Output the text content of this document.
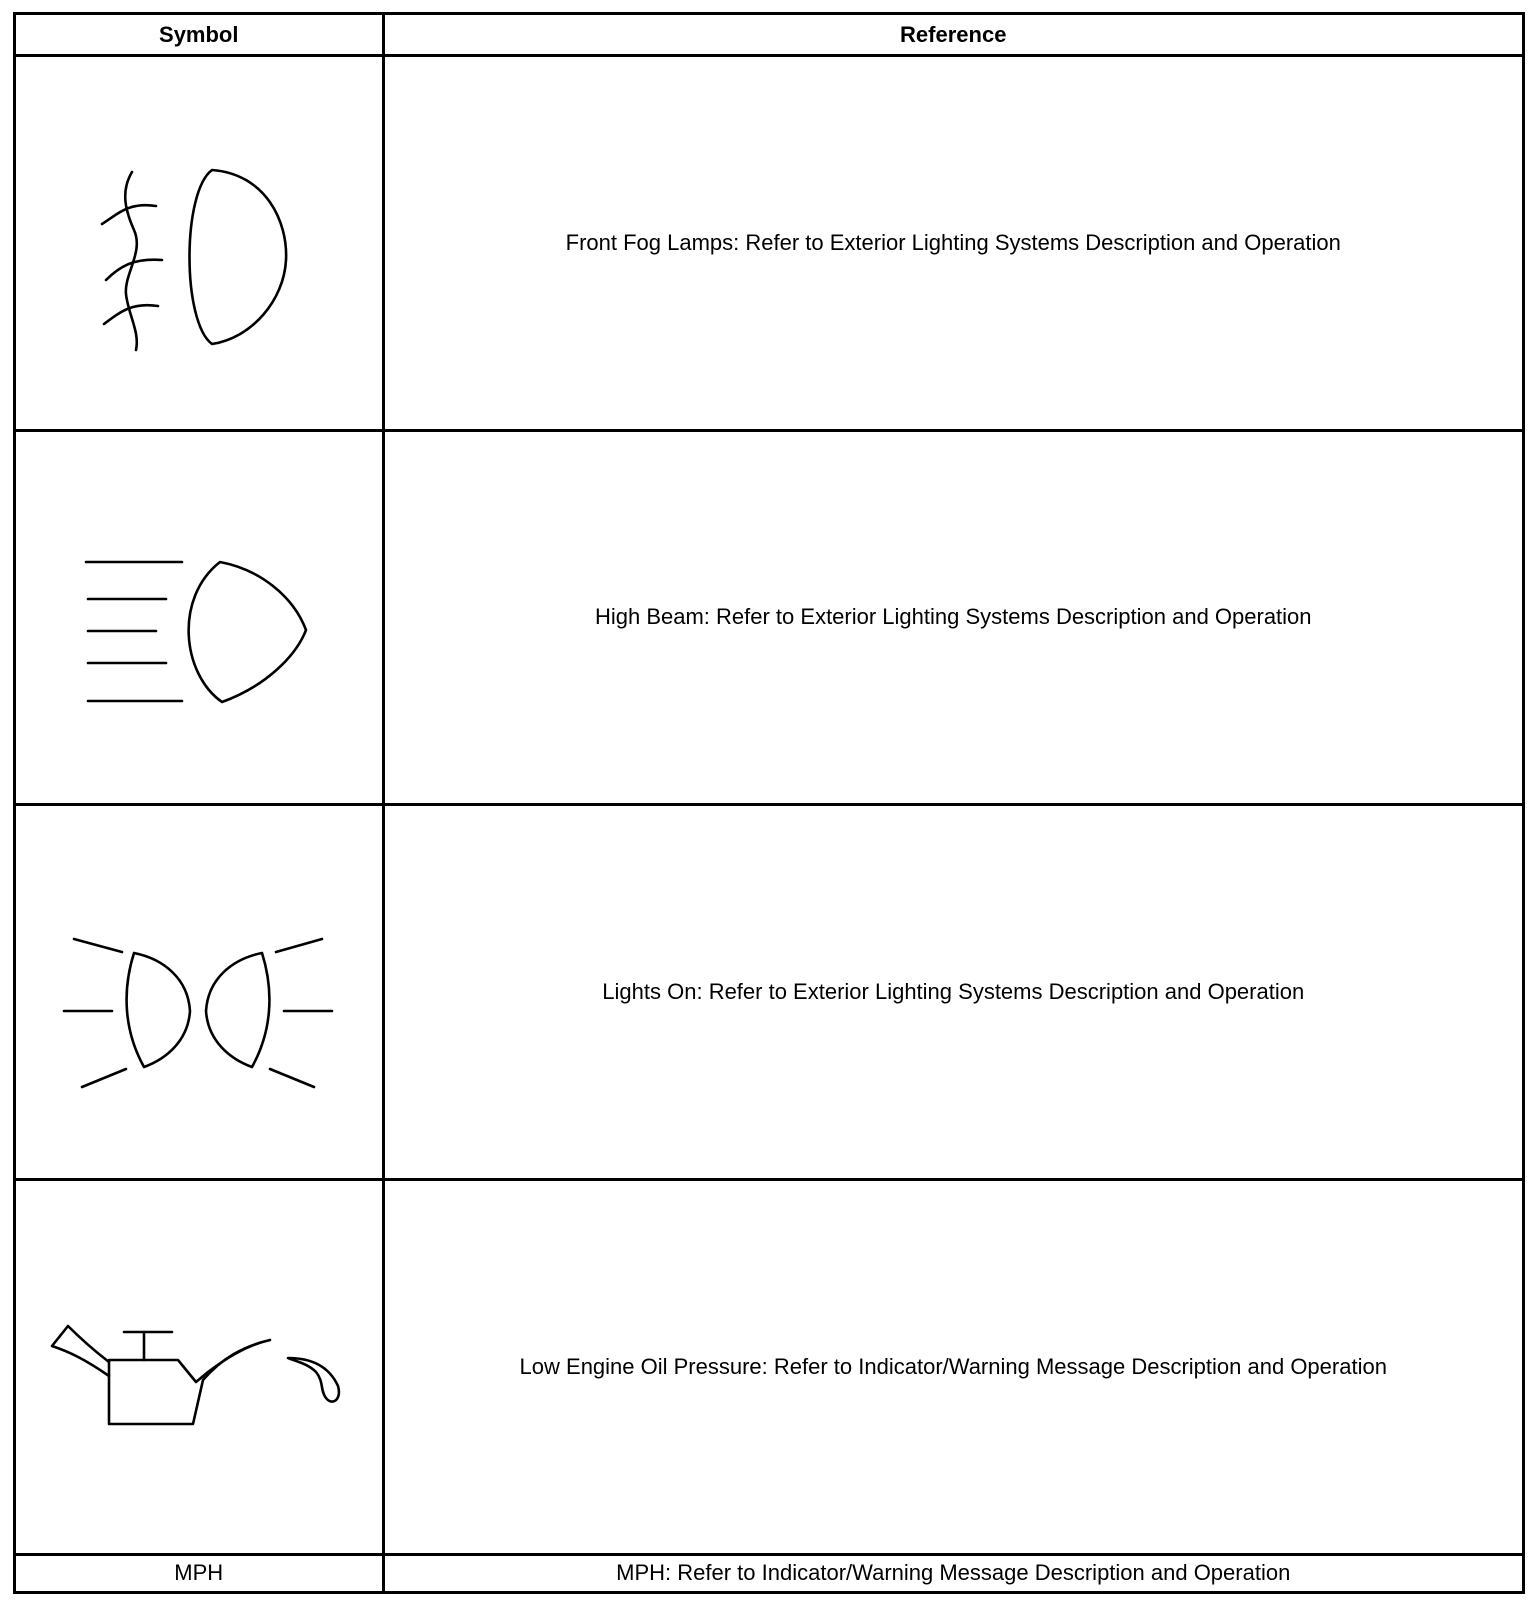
Symbol	Reference

	Front Fog Lamps: Refer to Exterior Lighting Systems Description and Operation

	High Beam: Refer to Exterior Lighting Systems Description and Operation

	Lights On: Refer to Exterior Lighting Systems Description and Operation

	Low Engine Oil Pressure: Refer to Indicator/Warning Message Description and Operation
MPH	MPH: Refer to Indicator/Warning Message Description and Operation
